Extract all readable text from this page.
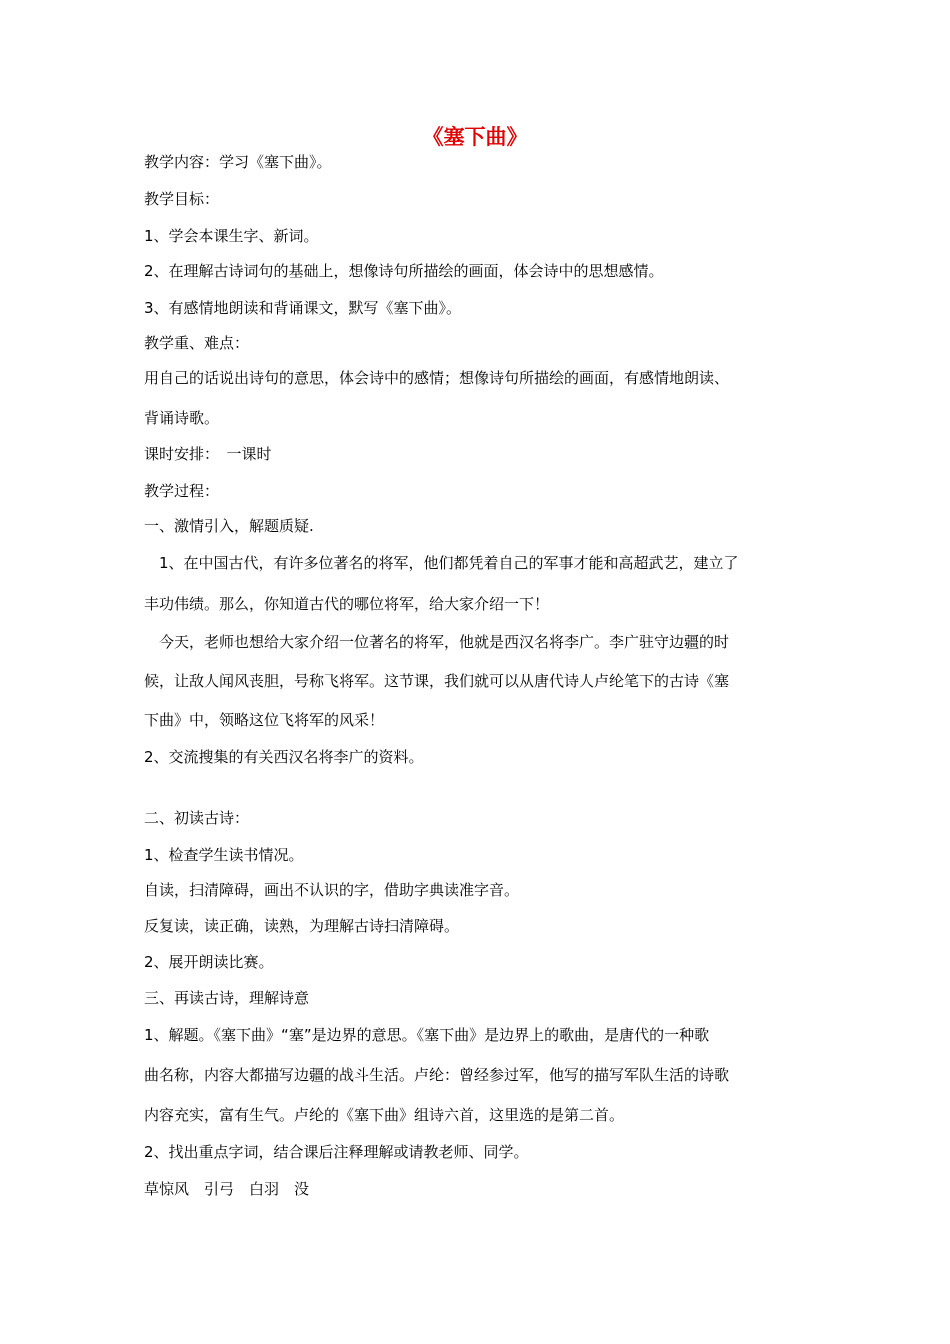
《塞下曲》
教学内容：学习《塞下曲》。
教学目标：
1、学会本课生字、新词。
2、在理解古诗词句的基础上，想像诗句所描绘的画面，体会诗中的思想感情。
3、有感情地朗读和背诵课文，默写《塞下曲》。
教学重、难点：
用自己的话说出诗句的意思，体会诗中的感情；想像诗句所描绘的画面，有感情地朗读、
背诵诗歌。
课时安排：　一课时
教学过程：
一、激情引入，解题质疑.
　1、在中国古代，有许多位著名的将军，他们都凭着自己的军事才能和高超武艺，建立了
丰功伟绩。那么，你知道古代的哪位将军，给大家介绍一下！
　今天，老师也想给大家介绍一位著名的将军，他就是西汉名将李广。李广驻守边疆的时
候，让敌人闻风丧胆，号称飞将军。这节课，我们就可以从唐代诗人卢纶笔下的古诗《塞
下曲》中，领略这位飞将军的风采！
2、交流搜集的有关西汉名将李广的资料。
二、初读古诗：
1、检查学生读书情况。
自读，扫清障碍，画出不认识的字，借助字典读准字音。
反复读，读正确，读熟，为理解古诗扫清障碍。
2、展开朗读比赛。
三、再读古诗，理解诗意
1、解题。《塞下曲》“塞”是边界的意思。《塞下曲》是边界上的歌曲，是唐代的一种歌
曲名称，内容大都描写边疆的战斗生活。卢纶：曾经参过军，他写的描写军队生活的诗歌
内容充实，富有生气。卢纶的《塞下曲》组诗六首，这里选的是第二首。
2、找出重点字词，结合课后注释理解或请教老师、同学。
草惊风　引弓　白羽　没
